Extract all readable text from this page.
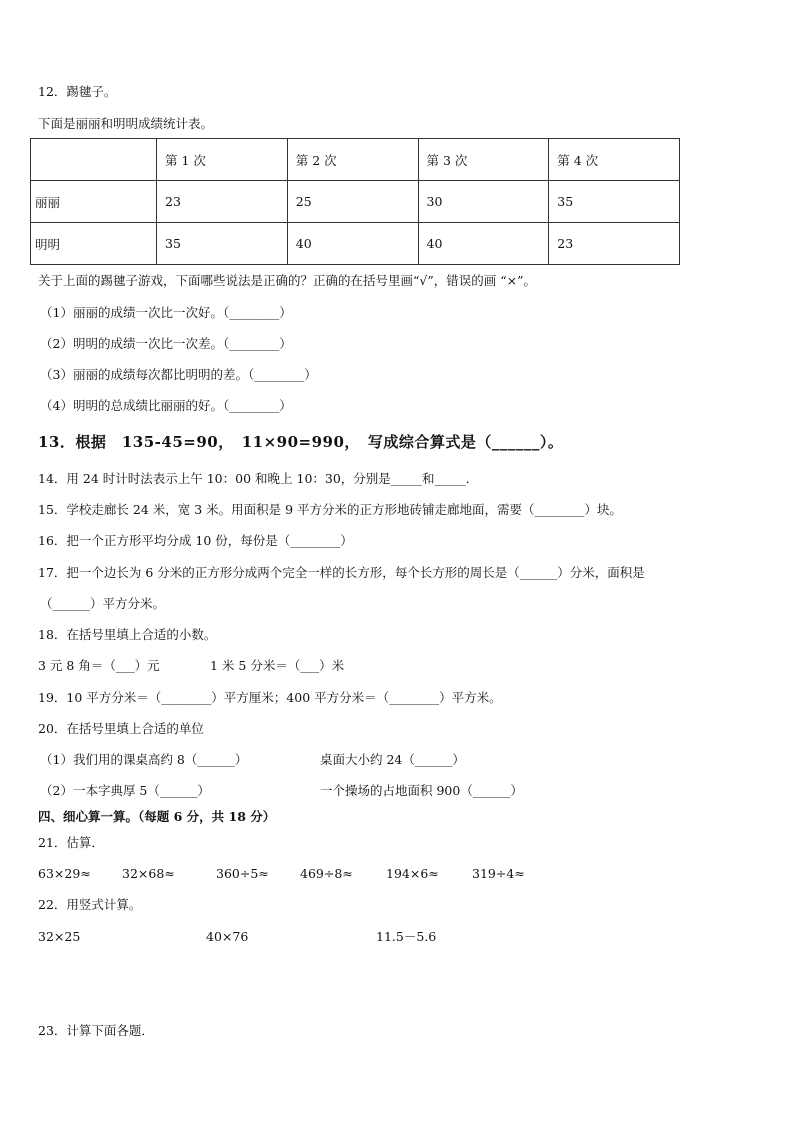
12．踢毽子。
下面是丽丽和明明成绩统计表。
	第 1 次	第 2 次	第 3 次	第 4 次
丽丽	23	25	30	35
明明	35	40	40	23
关于上面的踢毽子游戏，下面哪些说法是正确的？正确的在括号里画“√”，错误的画 “×”。
（1）丽丽的成绩一次比一次好。（________）
（2）明明的成绩一次比一次差。（________）
（3）丽丽的成绩每次都比明明的差。（________）
（4）明明的总成绩比丽丽的好。（________）
13．根据　135-45=90，　11×90=990，　写成综合算式是（______）。
14．用 24 时计时法表示上午 10：00 和晚上 10：30，分别是_____和_____．
15．学校走廊长 24 米，宽 3 米。用面积是 9 平方分米的正方形地砖铺走廊地面，需要（________）块。
16．把一个正方形平均分成 10 份，每份是（________）
17．把一个边长为 6 分米的正方形分成两个完全一样的长方形，每个长方形的周长是（______）分米，面积是
（______）平方分米。
18．在括号里填上合适的小数。
3 元 8 角＝（___）元	1 米 5 分米＝（___）米
19．10 平方分米＝（________）平方厘米；400 平方分米＝（________）平方米。
20．在括号里填上合适的单位
（1）我们用的课桌高约 8（______）	桌面大小约 24（______）
（2）一本字典厚 5（______）	一个操场的占地面积 900（______）
四、细心算一算。（每题 6 分，共 18 分）
21．估算．
63×29≈ 32×68≈	360÷5≈ 469÷8≈	194×6≈	319÷4≈
22．用竖式计算。
32×25	40×76	11.5－5.6
23．计算下面各题．
